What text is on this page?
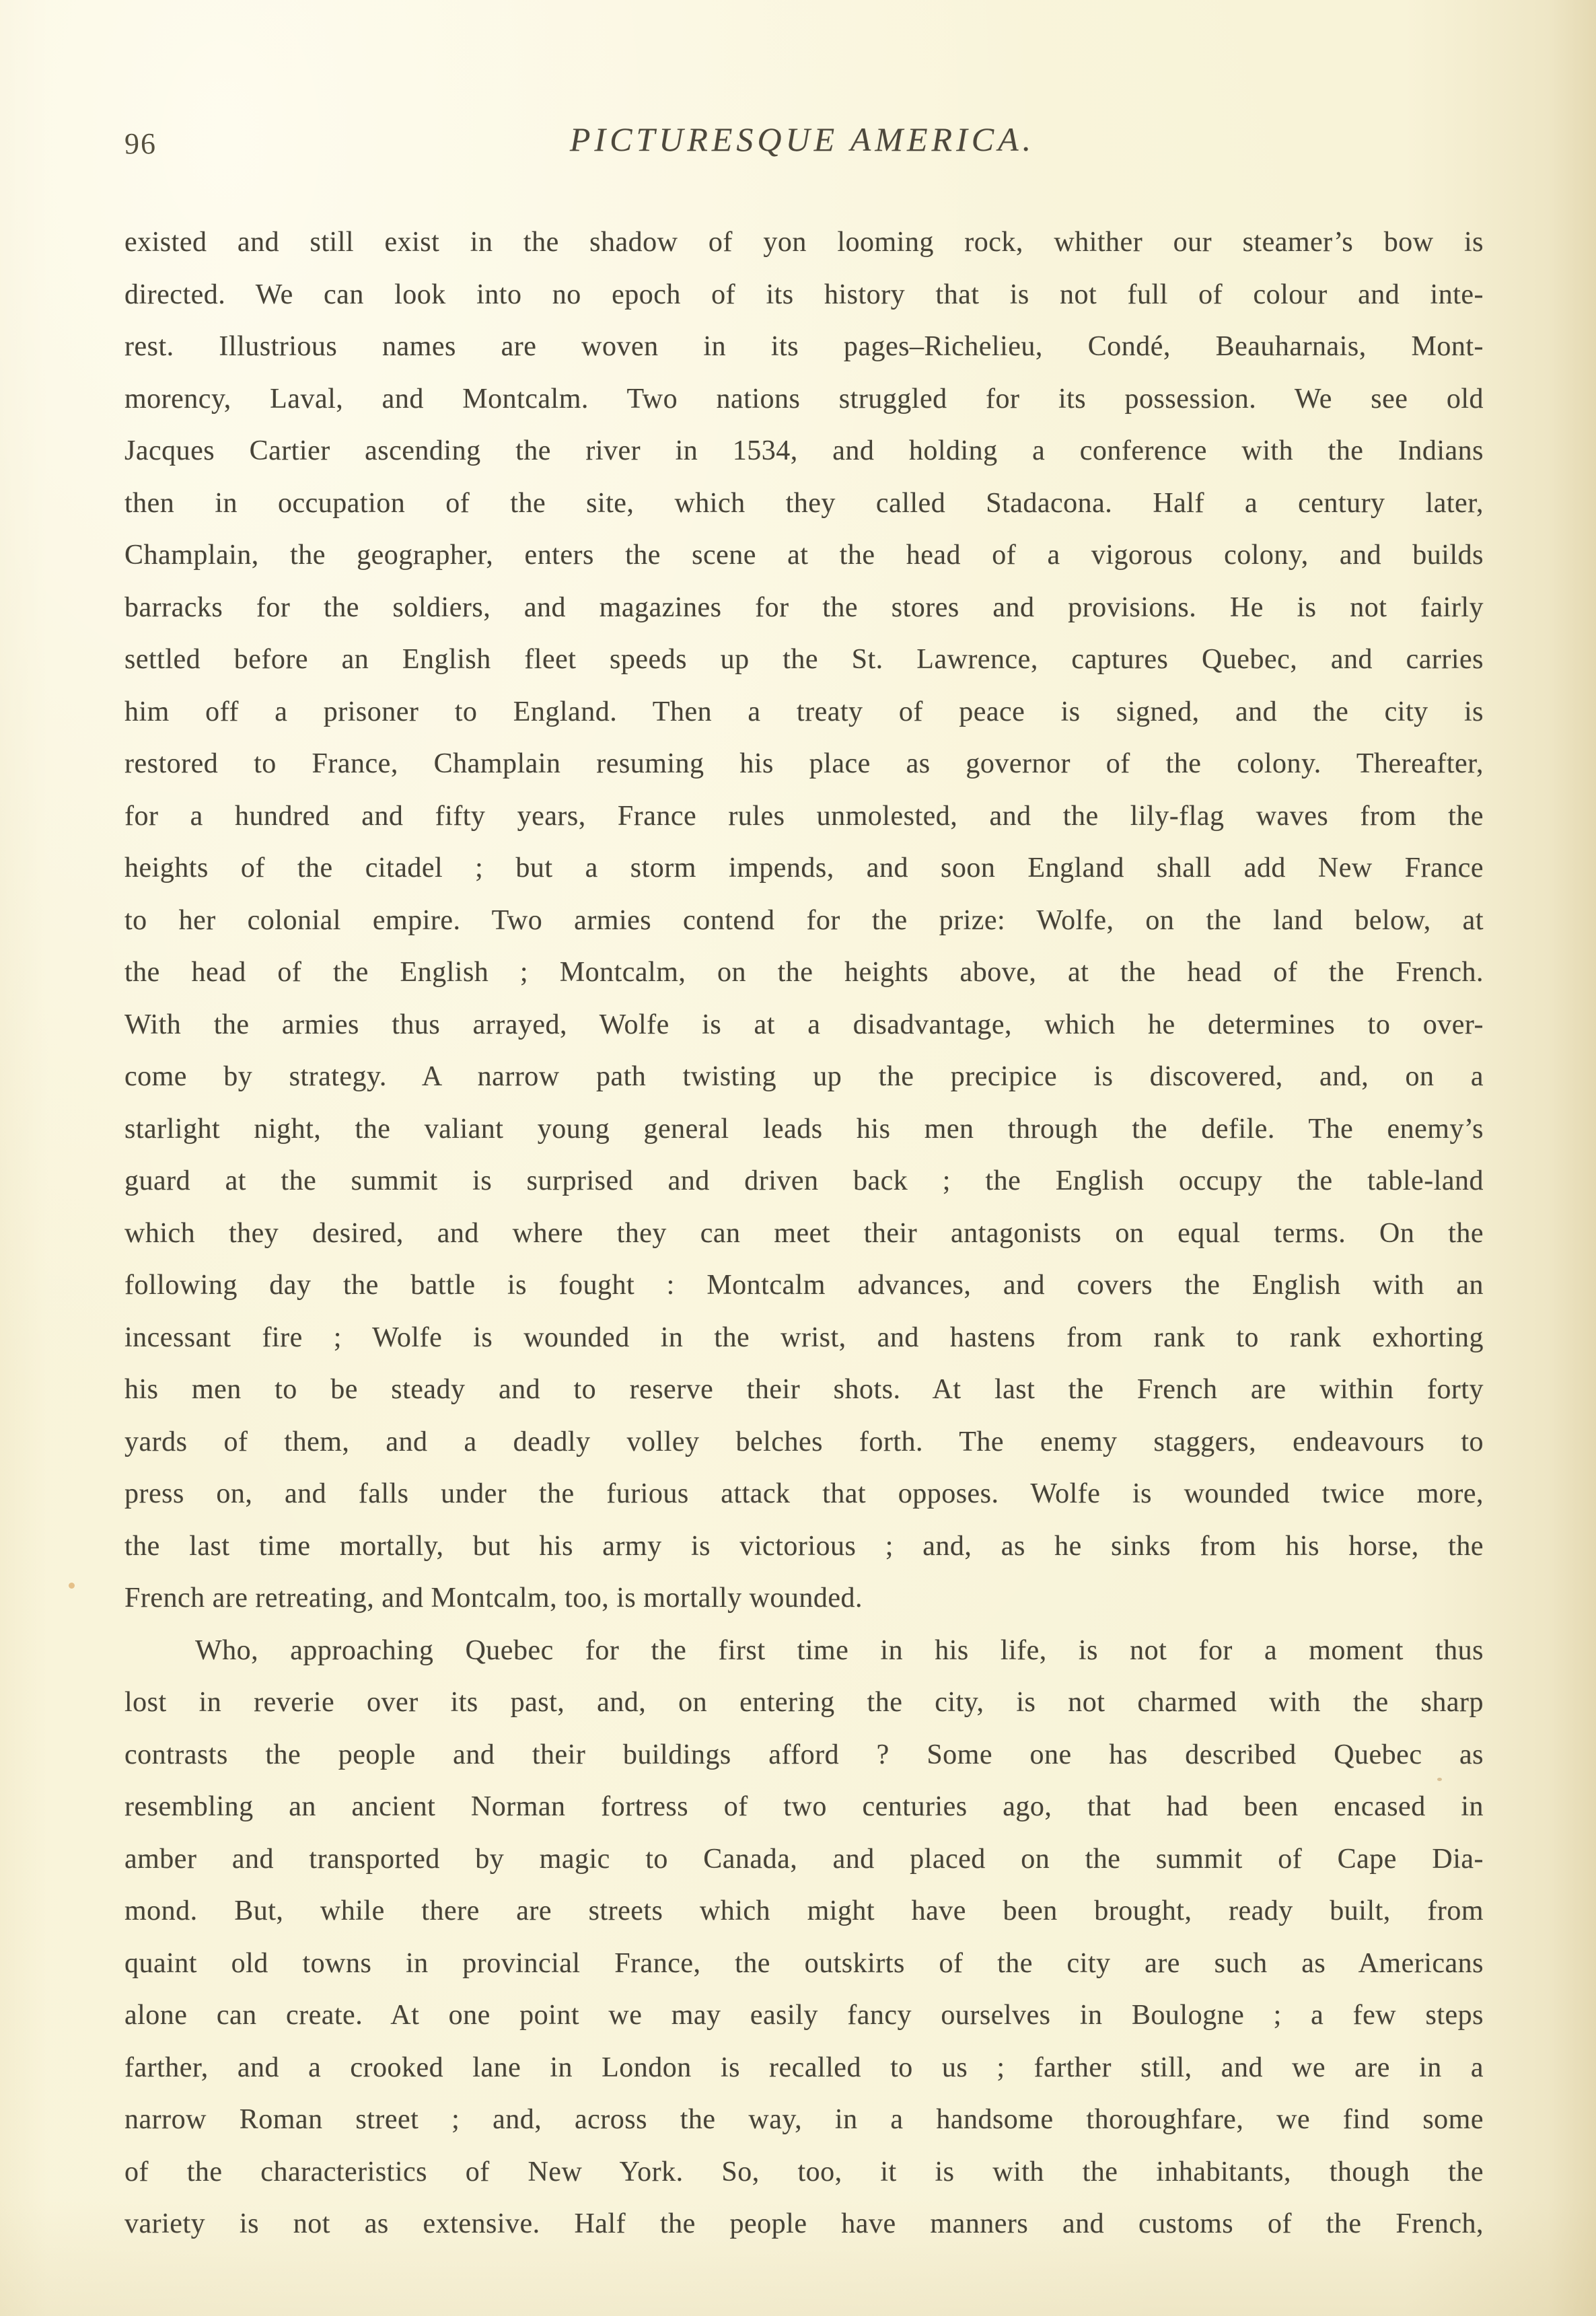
96	PICTURESQUE AMERICA.
existed and still exist in the shadow of yon looming rock, whither our steamer’s bow is
directed. We can look into no epoch of its history that is not full of colour and inte-
rest. Illustrious names are woven in its pages–Richelieu, Condé, Beauharnais, Mont-
morency, Laval, and Montcalm. Two nations struggled for its possession. We see old
Jacques Cartier ascending the river in 1534, and holding a conference with the Indians
then in occupation of the site, which they called Stadacona. Half a century later,
Champlain, the geographer, enters the scene at the head of a vigorous colony, and builds
barracks for the soldiers, and magazines for the stores and provisions. He is not fairly
settled before an English fleet speeds up the St. Lawrence, captures Quebec, and carries
him off a prisoner to England. Then a treaty of peace is signed, and the city is
restored to France, Champlain resuming his place as governor of the colony. Thereafter,
for a hundred and fifty years, France rules unmolested, and the lily-flag waves from the
heights of the citadel ; but a storm impends, and soon England shall add New France
to her colonial empire. Two armies contend for the prize: Wolfe, on the land below, at
the head of the English ; Montcalm, on the heights above, at the head of the French.
With the armies thus arrayed, Wolfe is at a disadvantage, which he determines to over-
come by strategy. A narrow path twisting up the precipice is discovered, and, on a
starlight night, the valiant young general leads his men through the defile. The enemy’s
guard at the summit is surprised and driven back ; the English occupy the table-land
which they desired, and where they can meet their antagonists on equal terms. On the
following day the battle is fought : Montcalm advances, and covers the English with an
incessant fire ; Wolfe is wounded in the wrist, and hastens from rank to rank exhorting
his men to be steady and to reserve their shots. At last the French are within forty
yards of them, and a deadly volley belches forth. The enemy staggers, endeavours to
press on, and falls under the furious attack that opposes. Wolfe is wounded twice more,
the last time mortally, but his army is victorious ; and, as he sinks from his horse, the
French are retreating, and Montcalm, too, is mortally wounded.
Who, approaching Quebec for the first time in his life, is not for a moment thus
lost in reverie over its past, and, on entering the city, is not charmed with the sharp
contrasts the people and their buildings afford ? Some one has described Quebec as
resembling an ancient Norman fortress of two centuries ago, that had been encased in
amber and transported by magic to Canada, and placed on the summit of Cape Dia-
mond. But, while there are streets which might have been brought, ready built, from
quaint old towns in provincial France, the outskirts of the city are such as Americans
alone can create. At one point we may easily fancy ourselves in Boulogne ; a few steps
farther, and a crooked lane in London is recalled to us ; farther still, and we are in a
narrow Roman street ; and, across the way, in a handsome thoroughfare, we find some
of the characteristics of New York. So, too, it is with the inhabitants, though the
variety is not as extensive. Half the people have manners and customs of the French,
